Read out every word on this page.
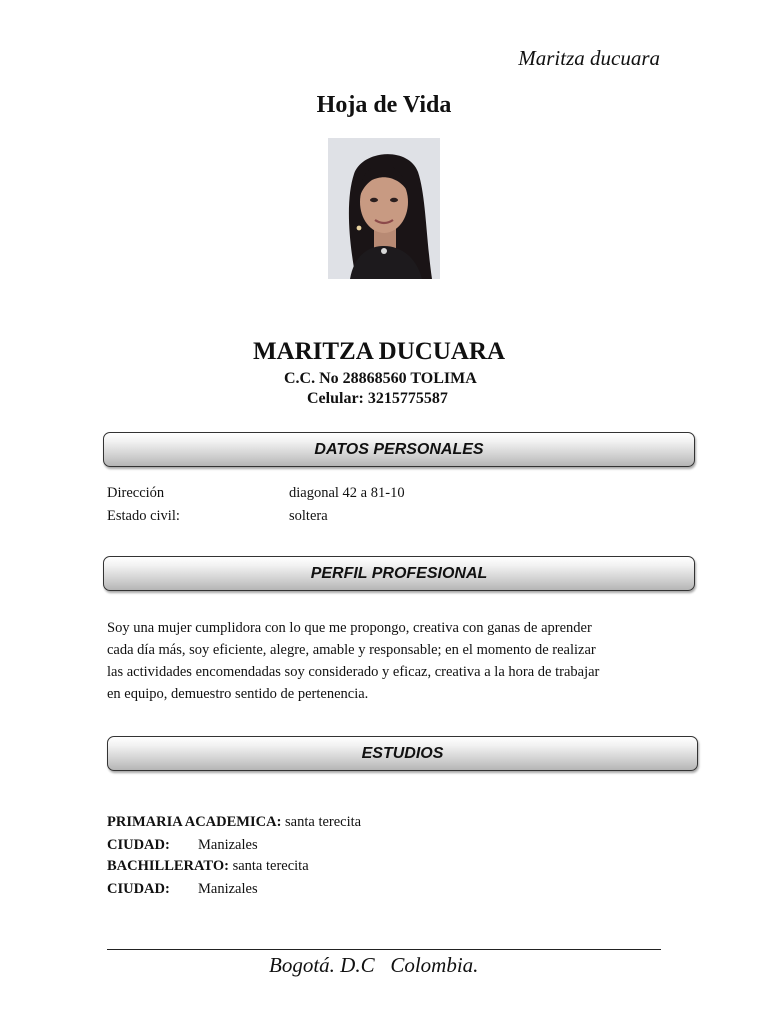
Maritza ducuara
Hoja de Vida
MARITZA DUCUARA
C.C. No 28868560 TOLIMA
Celular: 3215775587
DATOS PERSONALES
Dirección	diagonal 42 a 81-10
Estado civil:	soltera
PERFIL PROFESIONAL
Soy una mujer cumplidora con lo que me propongo, creativa con ganas de aprender
cada día más, soy eficiente, alegre, amable y responsable; en el momento de realizar
las actividades encomendadas soy considerado y eficaz, creativa a la hora de trabajar
en equipo, demuestro sentido de pertenencia.
ESTUDIOS
PRIMARIA ACADEMICA: santa terecita
CIUDAD: Manizales
BACHILLERATO: santa terecita
CIUDAD: Manizales
Bogotá. D.C   Colombia.
